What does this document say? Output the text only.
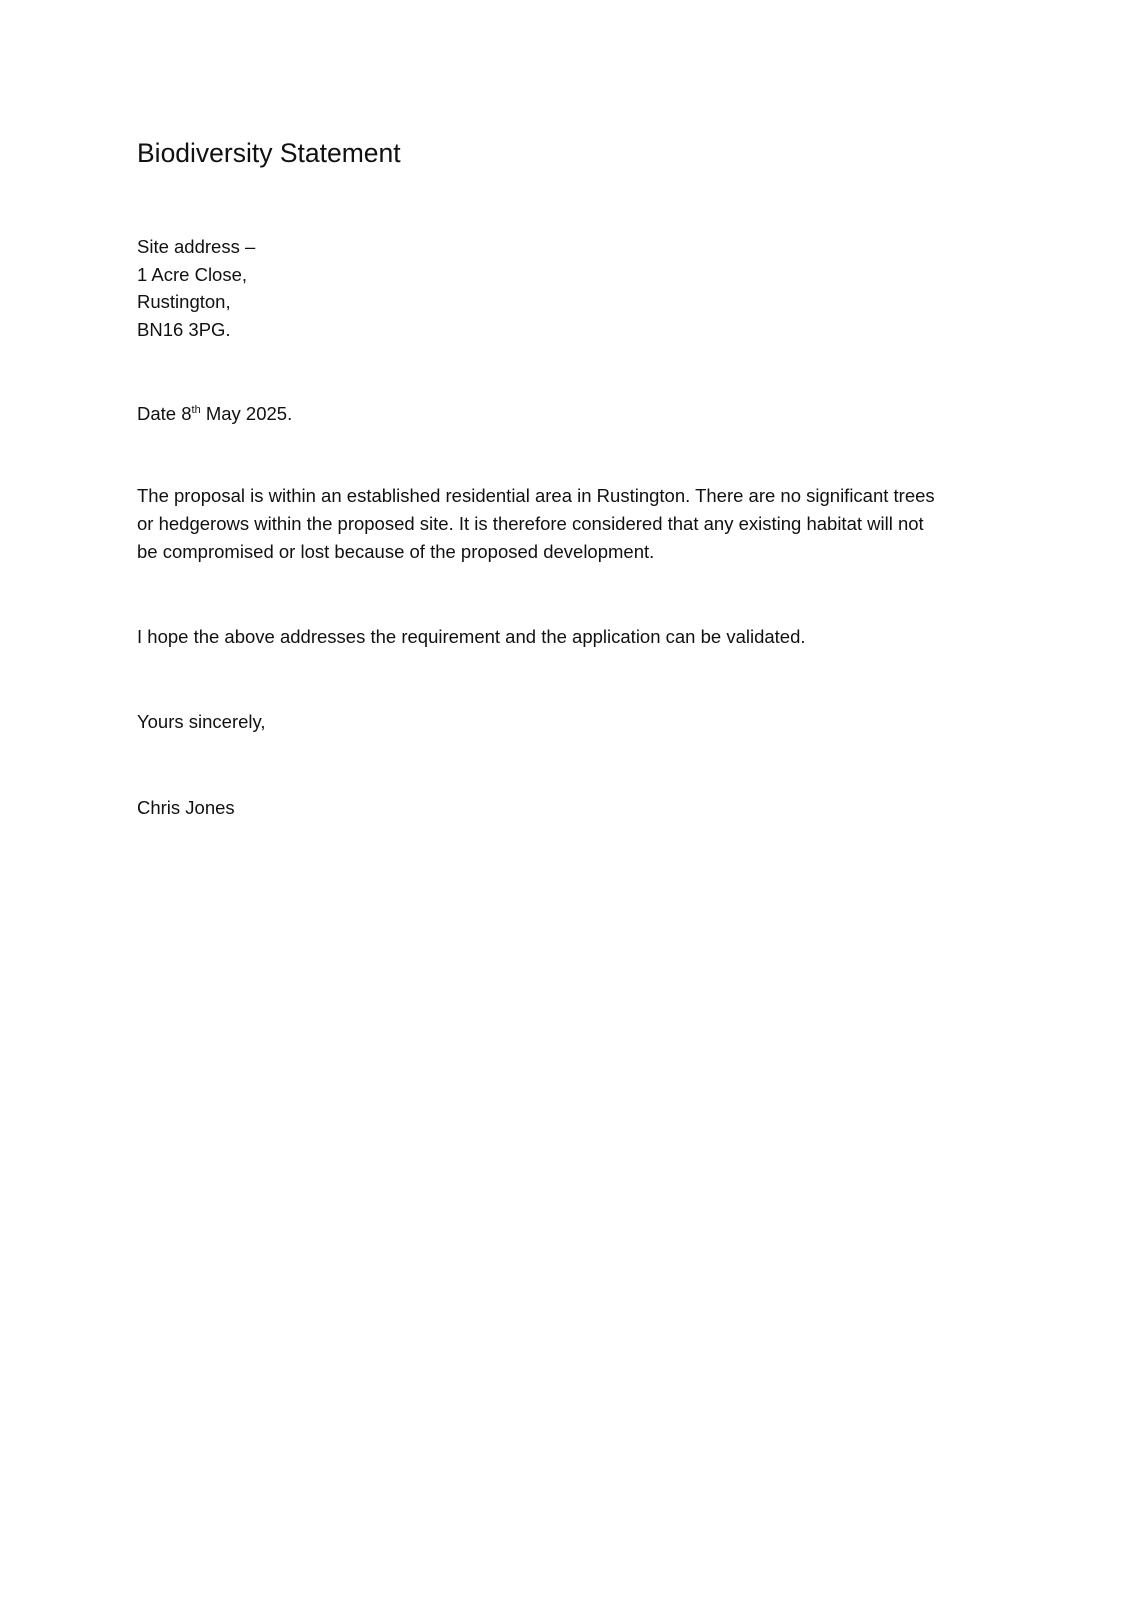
Biodiversity Statement
Site address –
1 Acre Close,
Rustington,
BN16 3PG.
Date 8th May 2025.
The proposal is within an established residential area in Rustington. There are no significant trees
or hedgerows within the proposed site. It is therefore considered that any existing habitat will not
be compromised or lost because of the proposed development.
I hope the above addresses the requirement and the application can be validated.
Yours sincerely,
Chris Jones
